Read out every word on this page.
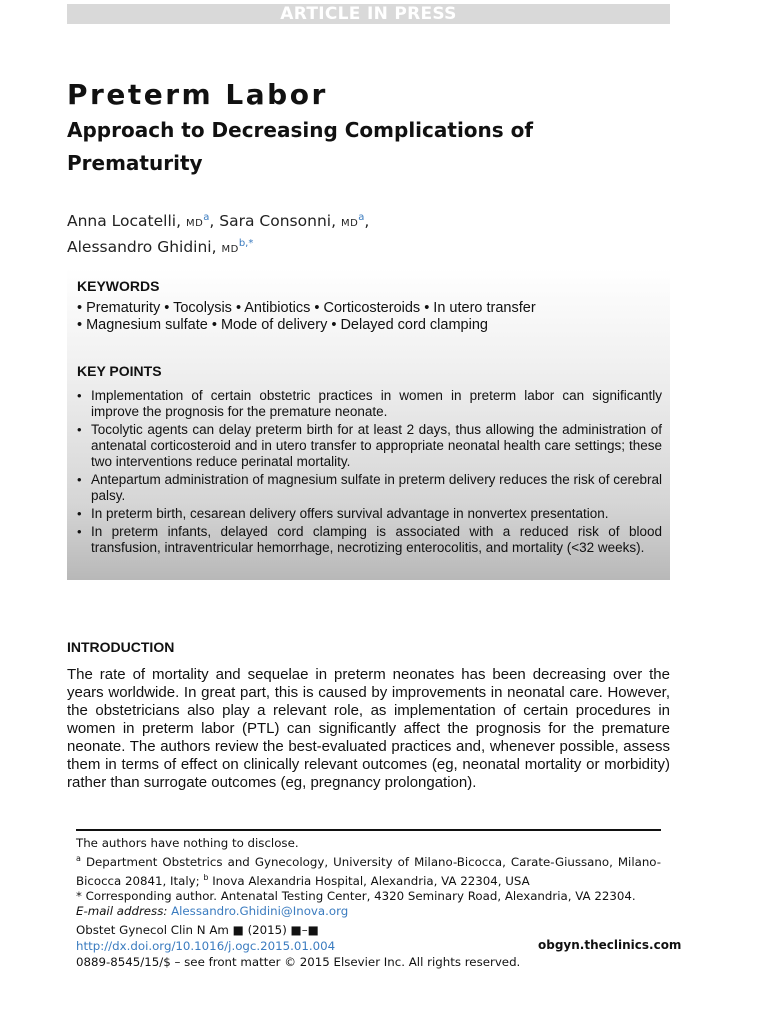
ARTICLE IN PRESS
Preterm Labor
Approach to Decreasing Complications of Prematurity
Anna Locatelli, MD$^a$, Sara Consonni, MD$^a$,
Alessandro Ghidini, MD$^{b,*}$
KEYWORDS
• Prematurity • Tocolysis • Antibiotics • Corticosteroids • In utero transfer
• Magnesium sulfate • Mode of delivery • Delayed cord clamping
KEY POINTS
• Implementation of certain obstetric practices in women in preterm labor can significantly improve the prognosis for the premature neonate.
• Tocolytic agents can delay preterm birth for at least 2 days, thus allowing the administration of antenatal corticosteroid and in utero transfer to appropriate neonatal health care settings; these two interventions reduce perinatal mortality.
• Antepartum administration of magnesium sulfate in preterm delivery reduces the risk of cerebral palsy.
• In preterm birth, cesarean delivery offers survival advantage in nonvertex presentation.
• In preterm infants, delayed cord clamping is associated with a reduced risk of blood transfusion, intraventricular hemorrhage, necrotizing enterocolitis, and mortality (<32 weeks).
INTRODUCTION

The rate of mortality and sequelae in preterm neonates has been decreasing over the years worldwide. In great part, this is caused by improvements in neonatal care. However, the obstetricians also play a relevant role, as implementation of certain procedures in women in preterm labor (PTL) can significantly affect the prognosis for the premature neonate. The authors review the best-evaluated practices and, whenever possible, assess them in terms of effect on clinically relevant outcomes (eg, neonatal mortality or morbidity) rather than surrogate outcomes (eg, pregnancy prolongation).

The authors have nothing to disclose.
$^a$ Department Obstetrics and Gynecology, University of Milano-Bicocca, Carate-Giussano, Milano-Bicocca 20841, Italy; $^b$ Inova Alexandria Hospital, Alexandria, VA 22304, USA
* Corresponding author. Antenatal Testing Center, 4320 Seminary Road, Alexandria, VA 22304.
E-mail address: Alessandro.Ghidini@Inova.org
Obstet Gynecol Clin N Am ■ (2015) ■–■
http://dx.doi.org/10.1016/j.ogc.2015.01.004
0889-8545/15/$ – see front matter © 2015 Elsevier Inc. All rights reserved.
obgyn.theclinics.com
